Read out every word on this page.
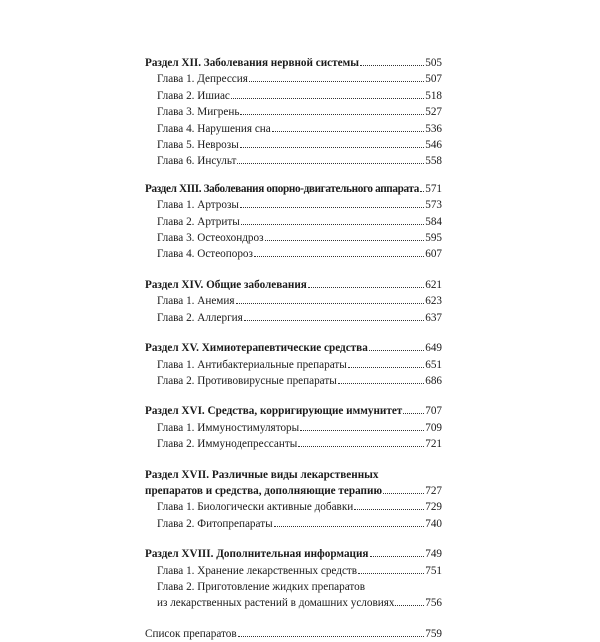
Раздел XII. Заболевания нервной системы	505
Глава 1. Депрессия	507
Глава 2. Ишиас	518
Глава 3. Мигрень	527
Глава 4. Нарушения сна	536
Глава 5. Неврозы	546
Глава 6. Инсульт	558
Раздел XIII. Заболевания опорно-двигательного аппарата 571
Глава 1. Артрозы	573
Глава 2. Артриты	584
Глава 3. Остеохондроз	595
Глава 4. Остеопороз	607
Раздел XIV. Общие заболевания	621
Глава 1. Анемия	623
Глава 2. Аллергия	637
Раздел XV. Химиотерапевтические средства	649
Глава 1. Антибактериальные препараты	651
Глава 2. Противовирусные препараты	686
Раздел XVI. Средства, корригирующие иммунитет 707
Глава 1. Иммуностимуляторы	709
Глава 2. Иммунодепрессанты	721
Раздел XVII. Различные виды лекарственных
препаратов и средства, дополняющие терапию	727
Глава 1. Биологически активные добавки	729
Глава 2. Фитопрепараты	740
Раздел XVIII. Дополнительная информация	749
Глава 1. Хранение лекарственных средств	751
Глава 2. Приготовление жидких препаратов
из лекарственных растений в домашних условиях	756
Список препаратов	759
